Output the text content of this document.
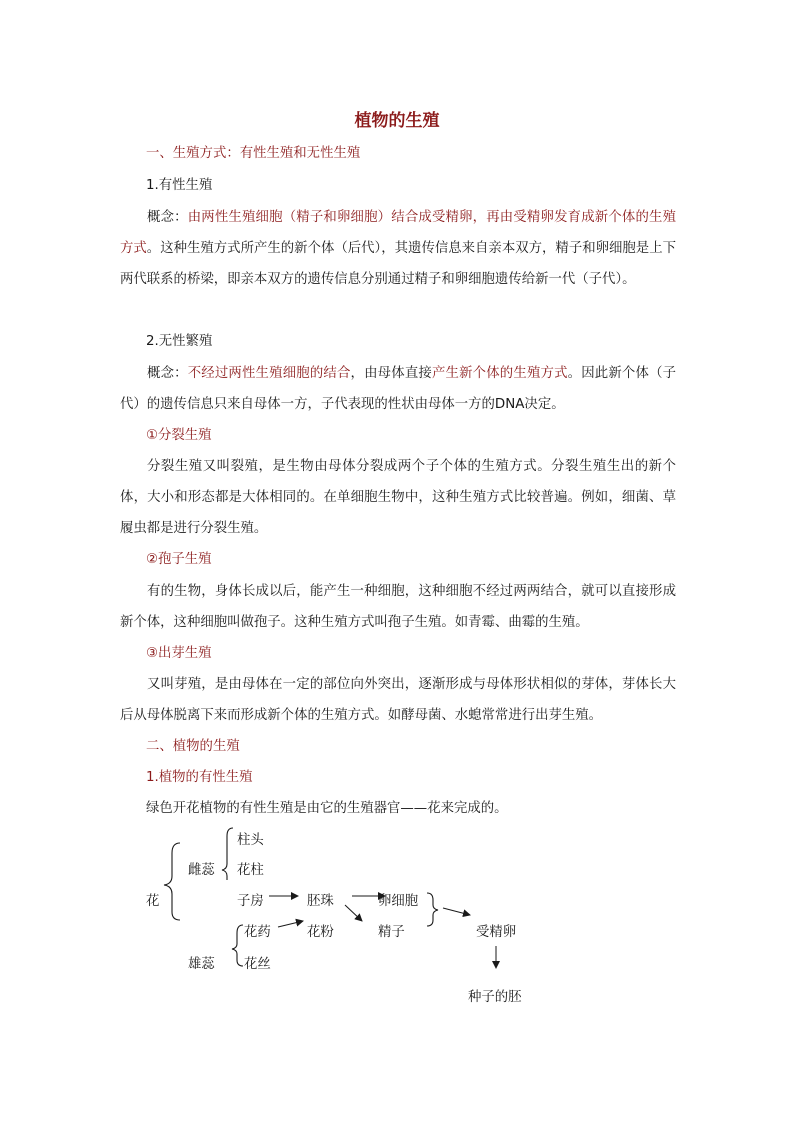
植物的生殖
一、生殖方式：有性生殖和无性生殖
1.有性生殖
概念：由两性生殖细胞（精子和卵细胞）结合成受精卵，再由受精卵发育成新个体的生殖方式。这种生殖方式所产生的新个体（后代），其遗传信息来自亲本双方，精子和卵细胞是上下两代联系的桥梁，即亲本双方的遗传信息分别通过精子和卵细胞遗传给新一代（子代）。
2.无性繁殖
概念：不经过两性生殖细胞的结合，由母体直接产生新个体的生殖方式。因此新个体（子代）的遗传信息只来自母体一方，子代表现的性状由母体一方的DNA决定。
①分裂生殖
分裂生殖又叫裂殖，是生物由母体分裂成两个子个体的生殖方式。分裂生殖生出的新个体，大小和形态都是大体相同的。在单细胞生物中，这种生殖方式比较普遍。例如，细菌、草履虫都是进行分裂生殖。
②孢子生殖
有的生物，身体长成以后，能产生一种细胞，这种细胞不经过两两结合，就可以直接形成新个体，这种细胞叫做孢子。这种生殖方式叫孢子生殖。如青霉、曲霉的生殖。
③出芽生殖
又叫芽殖，是由母体在一定的部位向外突出，逐渐形成与母体形状相似的芽体，芽体长大后从母体脱离下来而形成新个体的生殖方式。如酵母菌、水螅常常进行出芽生殖。
二、植物的生殖
1.植物的有性生殖
绿色开花植物的有性生殖是由它的生殖器官——花来完成的。
花
雌蕊
柱头
花柱
子房	胚珠	卵细胞
花药	花粉	精子	受精卵
雄蕊 花丝
种子的胚
